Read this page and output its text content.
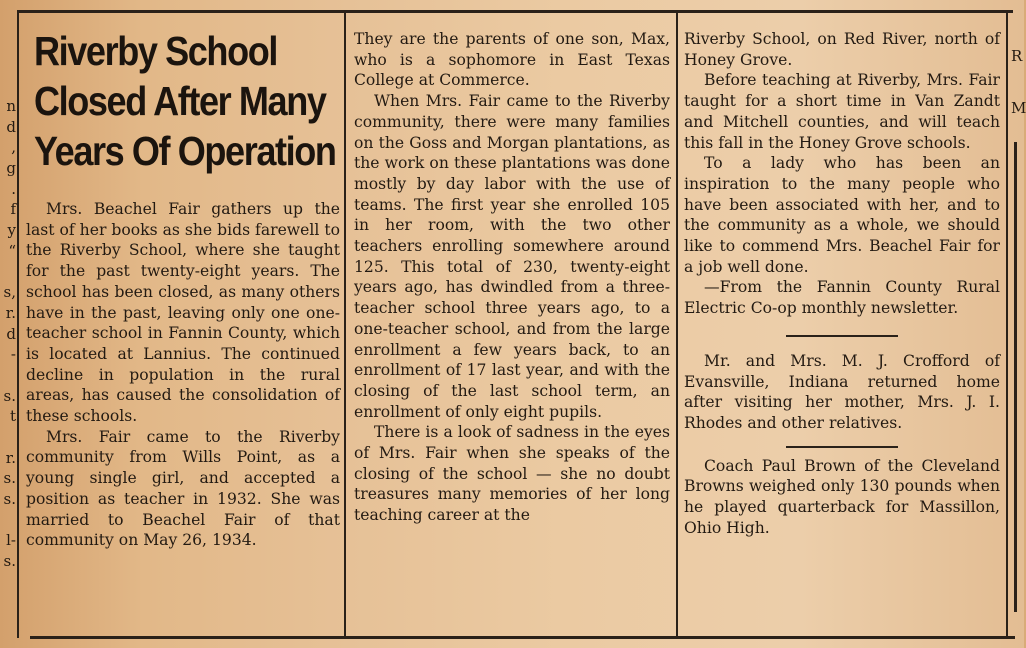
n
d
,
g
.
f
y
“
s,
r.
d
-
s.
t
r.
s.
s.
l-
s.
R
M
Riverby School
Closed After Many
Years Of Operation

Mrs. Beachel Fair gathers up the last of her books as she bids farewell to the Riverby School, where she taught for the past twenty-eight years. The school has been closed, as many others have in the past, leaving only one one-teacher school in Fannin County, which is located at Lannius. The continued decline in population in the rural areas, has caused the consolidation of these schools.

Mrs. Fair came to the Riverby community from Wills Point, as a young single girl, and accepted a position as teacher in 1932. She was married to Beachel Fair of that community on May 26, 1934.

They are the parents of one son, Max, who is a sophomore in East Texas College at Commerce.

When Mrs. Fair came to the Riverby community, there were many families on the Goss and Morgan plantations, as the work on these plantations was done mostly by day labor with the use of teams. The first year she enrolled 105 in her room, with the two other teachers enrolling somewhere around 125. This total of 230, twenty-eight years ago, has dwindled from a three-teacher school three years ago, to a one-teacher school, and from the large enrollment a few years back, to an enrollment of 17 last year, and with the closing of the last school term, an enrollment of only eight pupils.

There is a look of sadness in the eyes of Mrs. Fair when she speaks of the closing of the school — she no doubt treasures many memories of her long teaching career at the

Riverby School, on Red River, north of Honey Grove.

Before teaching at Riverby, Mrs. Fair taught for a short time in Van Zandt and Mitchell counties, and will teach this fall in the Honey Grove schools.

To a lady who has been an inspiration to the many people who have been associated with her, and to the community as a whole, we should like to commend Mrs. Beachel Fair for a job well done.

—From the Fannin County Rural Electric Co-op monthly newsletter.

Mr. and Mrs. M. J. Crofford of Evansville, Indiana returned home after visiting her mother, Mrs. J. I. Rhodes and other relatives.

Coach Paul Brown of the Cleveland Browns weighed only 130 pounds when he played quarterback for Massillon, Ohio High.
